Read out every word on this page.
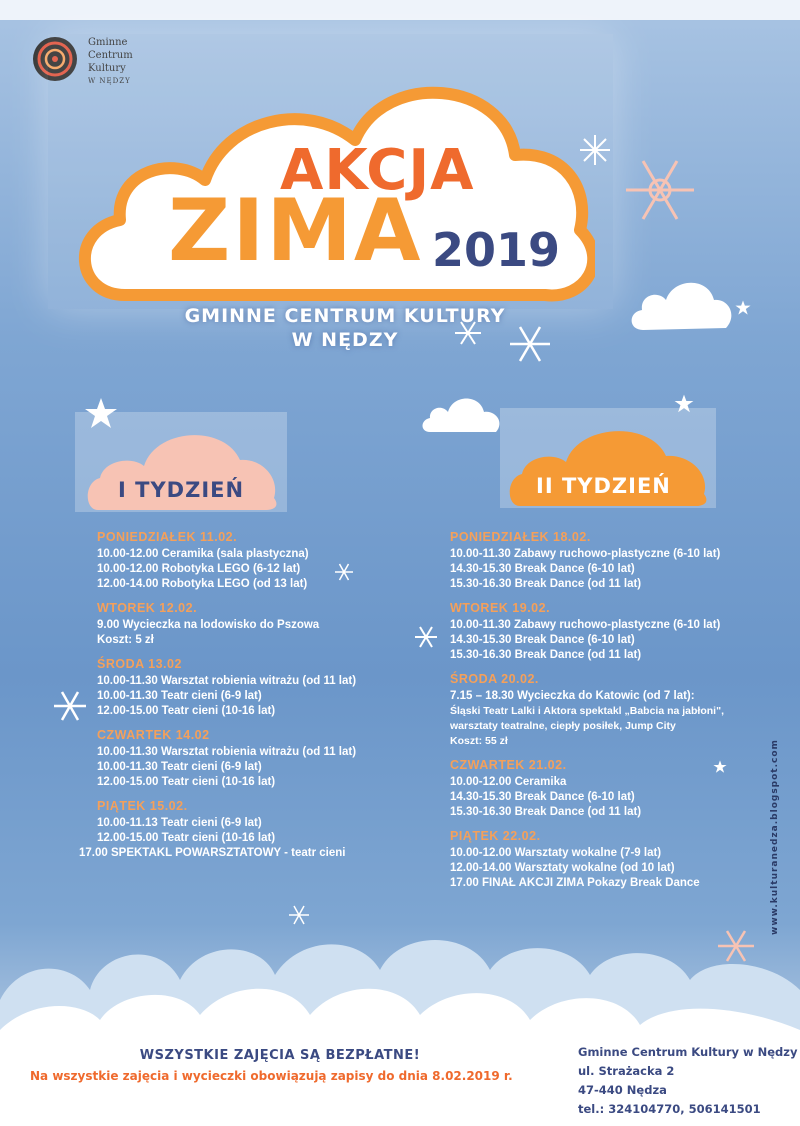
Gminne
Centrum
Kultury
W NĘDZY
AKCJA
ZIMA 2019
GMINNE CENTRUM KULTURY
W NĘDZY
I TYDZIEŃ	II TYDZIEŃ
PONIEDZIAŁEK 11.02.
10.00-12.00 Ceramika (sala plastyczna)
10.00-12.00 Robotyka LEGO (6-12 lat)
12.00-14.00 Robotyka LEGO (od 13 lat)
WTOREK 12.02.
9.00 Wycieczka na lodowisko do Pszowa
Koszt: 5 zł
ŚRODA 13.02
10.00-11.30 Warsztat robienia witrażu (od 11 lat)
10.00-11.30 Teatr cieni (6-9 lat)
12.00-15.00 Teatr cieni (10-16 lat)
CZWARTEK 14.02
10.00-11.30 Warsztat robienia witrażu (od 11 lat)
10.00-11.30 Teatr cieni (6-9 lat)
12.00-15.00 Teatr cieni (10-16 lat)
PIĄTEK 15.02.
10.00-11.13 Teatr cieni (6-9 lat)
12.00-15.00 Teatr cieni (10-16 lat)
17.00 SPEKTAKL POWARSZTATOWY - teatr cieni
PONIEDZIAŁEK 18.02.
10.00-11.30 Zabawy ruchowo-plastyczne (6-10 lat)
14.30-15.30 Break Dance (6-10 lat)
15.30-16.30 Break Dance (od 11 lat)
WTOREK 19.02.
10.00-11.30 Zabawy ruchowo-plastyczne (6-10 lat)
14.30-15.30 Break Dance (6-10 lat)
15.30-16.30 Break Dance (od 11 lat)
ŚRODA 20.02.
7.15 – 18.30 Wycieczka do Katowic (od 7 lat):
Śląski Teatr Lalki i Aktora spektakl „Babcia na jabłoni",
warsztaty teatralne, ciepły posiłek, Jump City
Koszt: 55 zł
CZWARTEK 21.02.
10.00-12.00 Ceramika
14.30-15.30 Break Dance (6-10 lat)
15.30-16.30 Break Dance (od 11 lat)
PIĄTEK 22.02.
10.00-12.00 Warsztaty wokalne (7-9 lat)
12.00-14.00 Warsztaty wokalne (od 10 lat)
17.00 FINAŁ AKCJI ZIMA Pokazy Break Dance	www.kulturanedza.blogspot.com
WSZYSTKIE ZAJĘCIA SĄ BEZPŁATNE!
Na wszystkie zajęcia i wycieczki obowiązują zapisy do dnia 8.02.2019 r.
Gminne Centrum Kultury w Nędzy
ul. Strażacka 2
47-440 Nędza
tel.: 324104770, 506141501
